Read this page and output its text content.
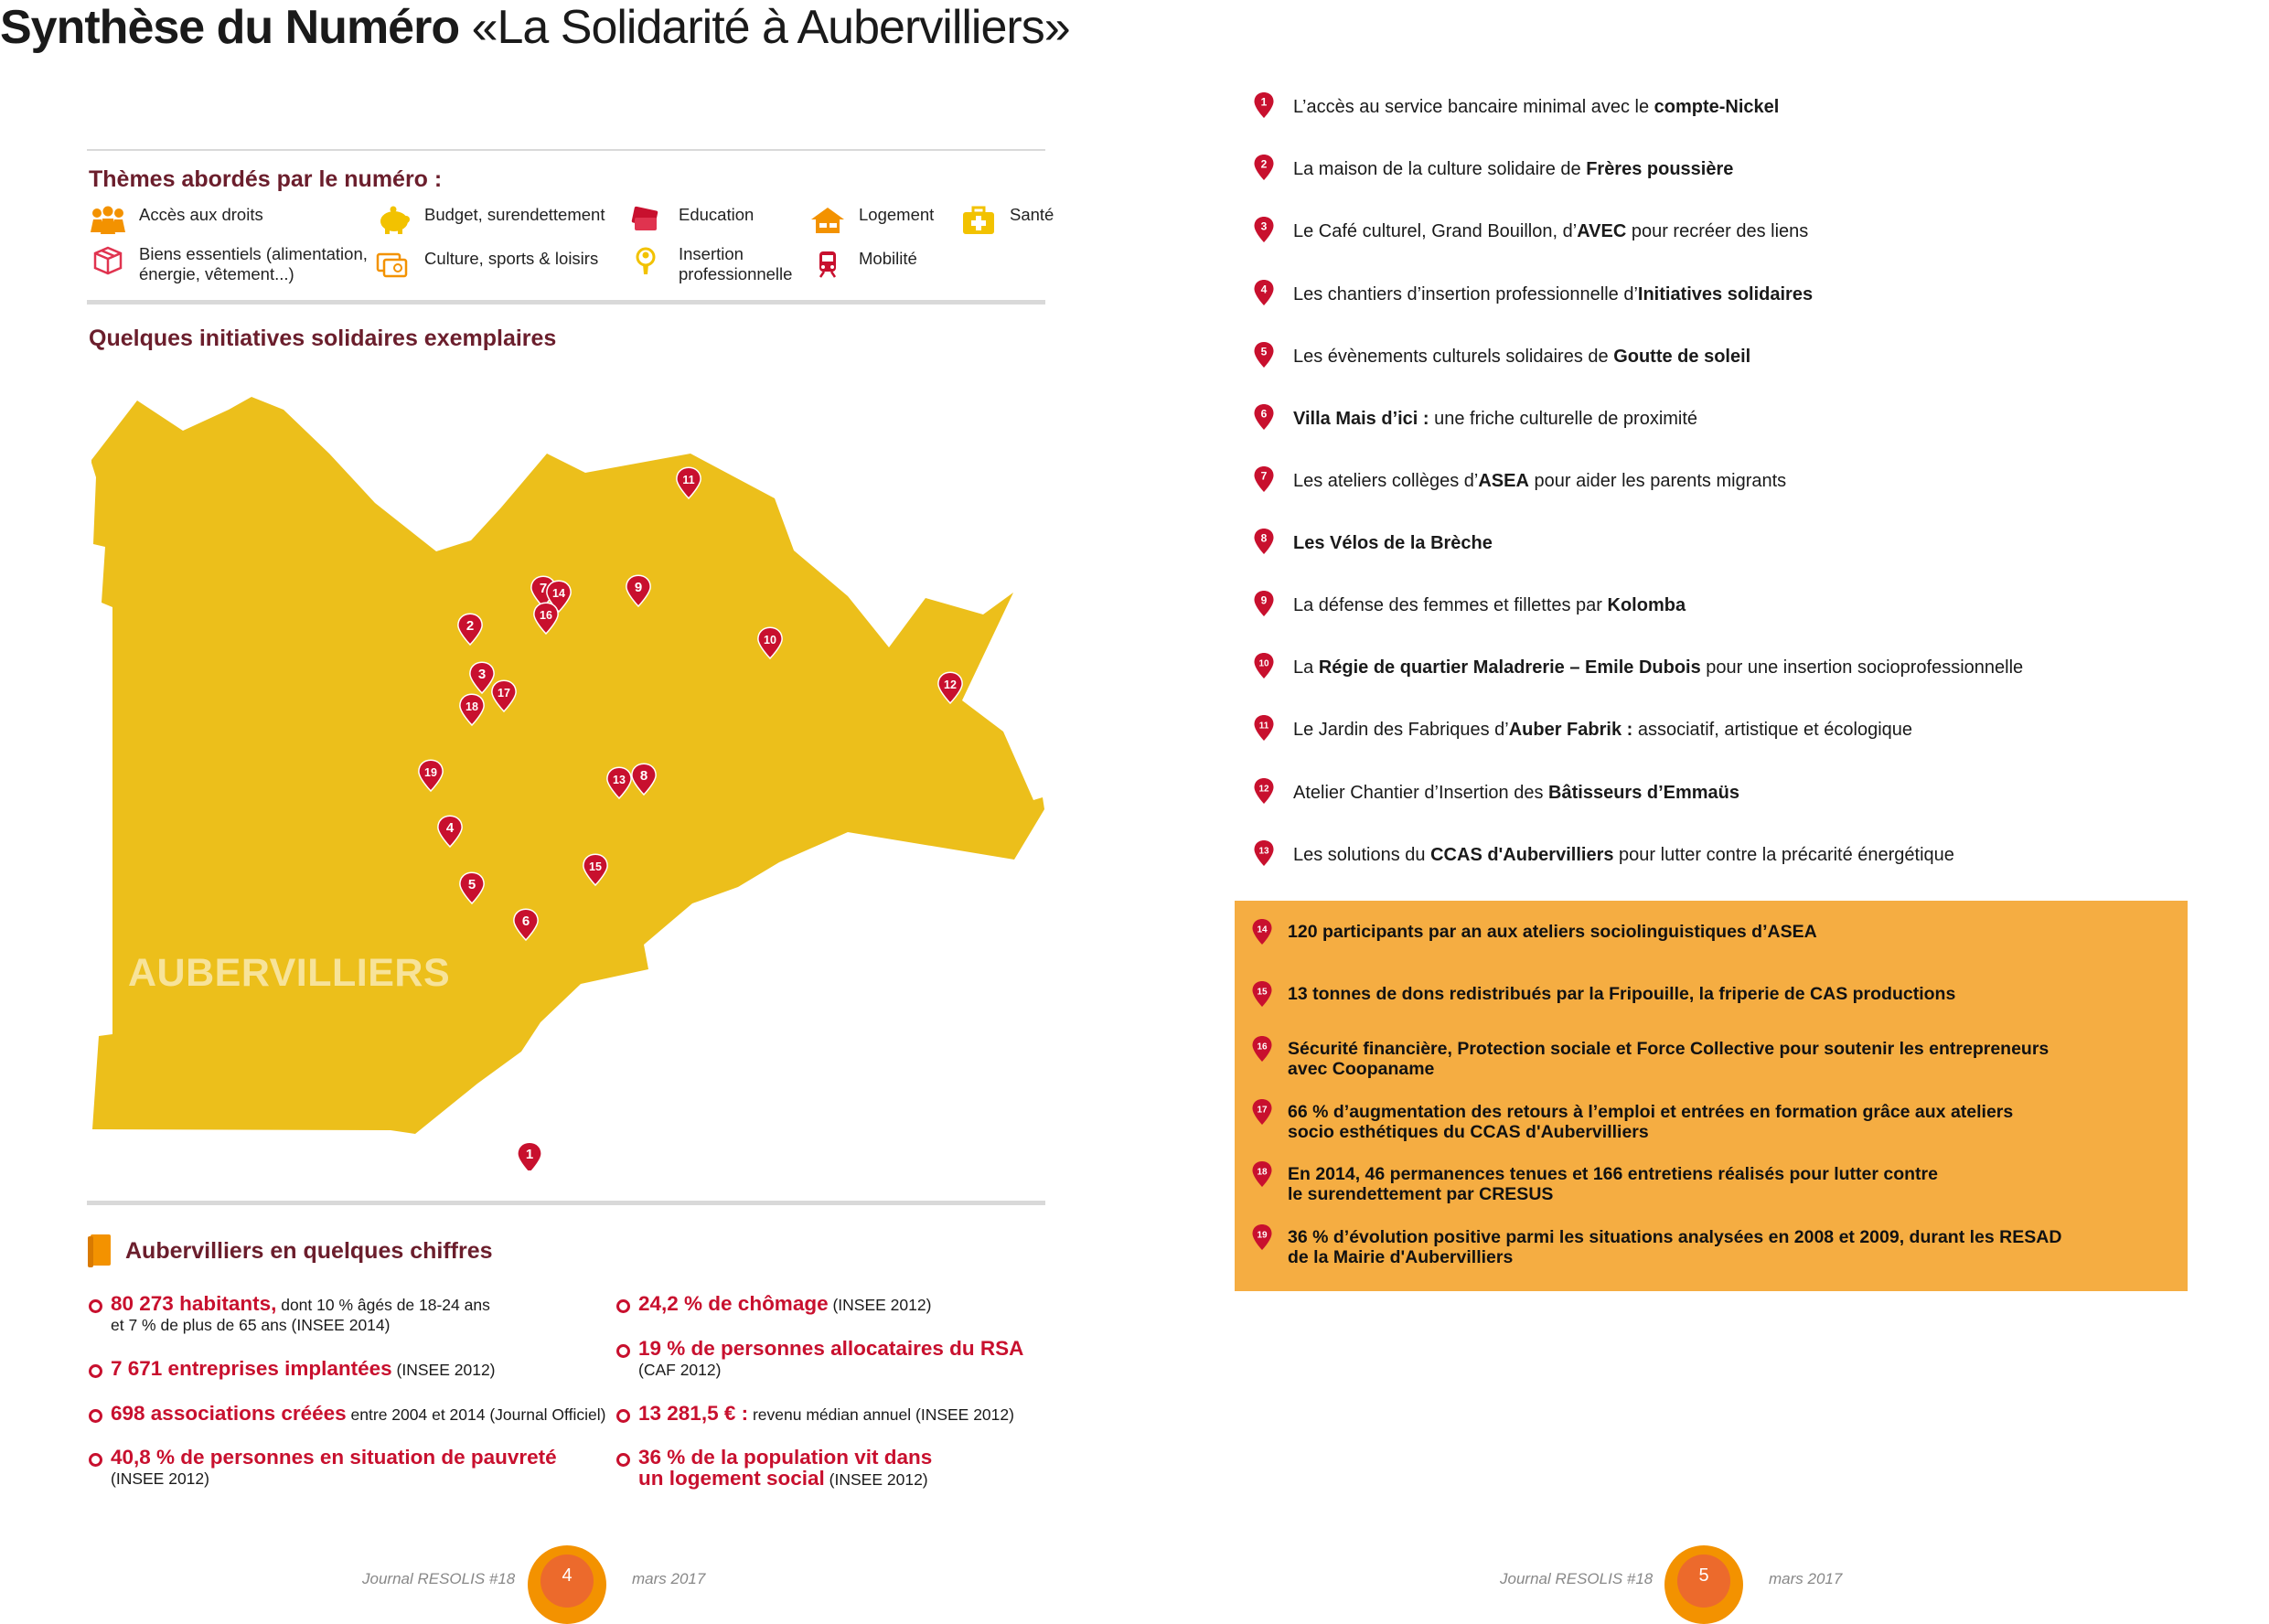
Synthèse du Numéro «La Solidarité à Aubervilliers»
Thèmes abordés par le numéro :
Accès aux droits	Budget, surendettement	Education	Logement	Santé
Biens essentiels (alimentation,
énergie, vêtement...)
Culture, sports & loisirs	Insertion
professionnelle
Mobilité
Quelques initiatives solidaires exemplaires
1
2
3
4
5
6
7
8
9
10
11
12
13
14
15
16
17
18
19
AUBERVILLIERS
Aubervilliers en quelques chiffres
80 273 habitants, dont 10 % âgés de 18-24 ans
et 7 % de plus de 65 ans (INSEE 2014)
7 671 entreprises implantées (INSEE 2012)
698 associations créées entre 2004 et 2014 (Journal Officiel)
40,8 % de personnes en situation de pauvreté
(INSEE 2012)
24,2 % de chômage (INSEE 2012)
19 % de personnes allocataires du RSA
(CAF 2012)
13 281,5 € : revenu médian annuel (INSEE 2012)
36 % de la population vit dans
un logement social (INSEE 2012)
Journal RESOLIS #18	4	mars 2017
1 L’accès au service bancaire minimal avec le compte-Nickel
2 La maison de la culture solidaire de Frères poussière
3 Le Café culturel, Grand Bouillon, d’AVEC pour recréer des liens
4 Les chantiers d’insertion professionnelle d’Initiatives solidaires
5 Les évènements culturels solidaires de Goutte de soleil
6 Villa Mais d’ici : une friche culturelle de proximité
7 Les ateliers collèges d’ASEA pour aider les parents migrants
8 Les Vélos de la Brèche
9 La défense des femmes et fillettes par Kolomba
10 La Régie de quartier Maladrerie – Emile Dubois pour une insertion socioprofessionnelle
11 Le Jardin des Fabriques d’Auber Fabrik : associatif, artistique et écologique
12 Atelier Chantier d’Insertion des Bâtisseurs d’Emmaüs
13 Les solutions du CCAS d'Aubervilliers pour lutter contre la précarité énergétique
14 120 participants par an aux ateliers sociolinguistiques d’ASEA
15 13 tonnes de dons redistribués par la Fripouille, la friperie de CAS productions
16 Sécurité financière, Protection sociale et Force Collective pour soutenir les entrepreneurs
avec Coopaname
17 66 % d’augmentation des retours à l’emploi et entrées en formation grâce aux ateliers
socio esthétiques du CCAS d'Aubervilliers
18 En 2014, 46 permanences tenues et 166 entretiens réalisés pour lutter contre
le surendettement par CRESUS
19 36 % d’évolution positive parmi les situations analysées en 2008 et 2009, durant les RESAD
de la Mairie d'Aubervilliers
Journal RESOLIS #18	5	mars 2017
